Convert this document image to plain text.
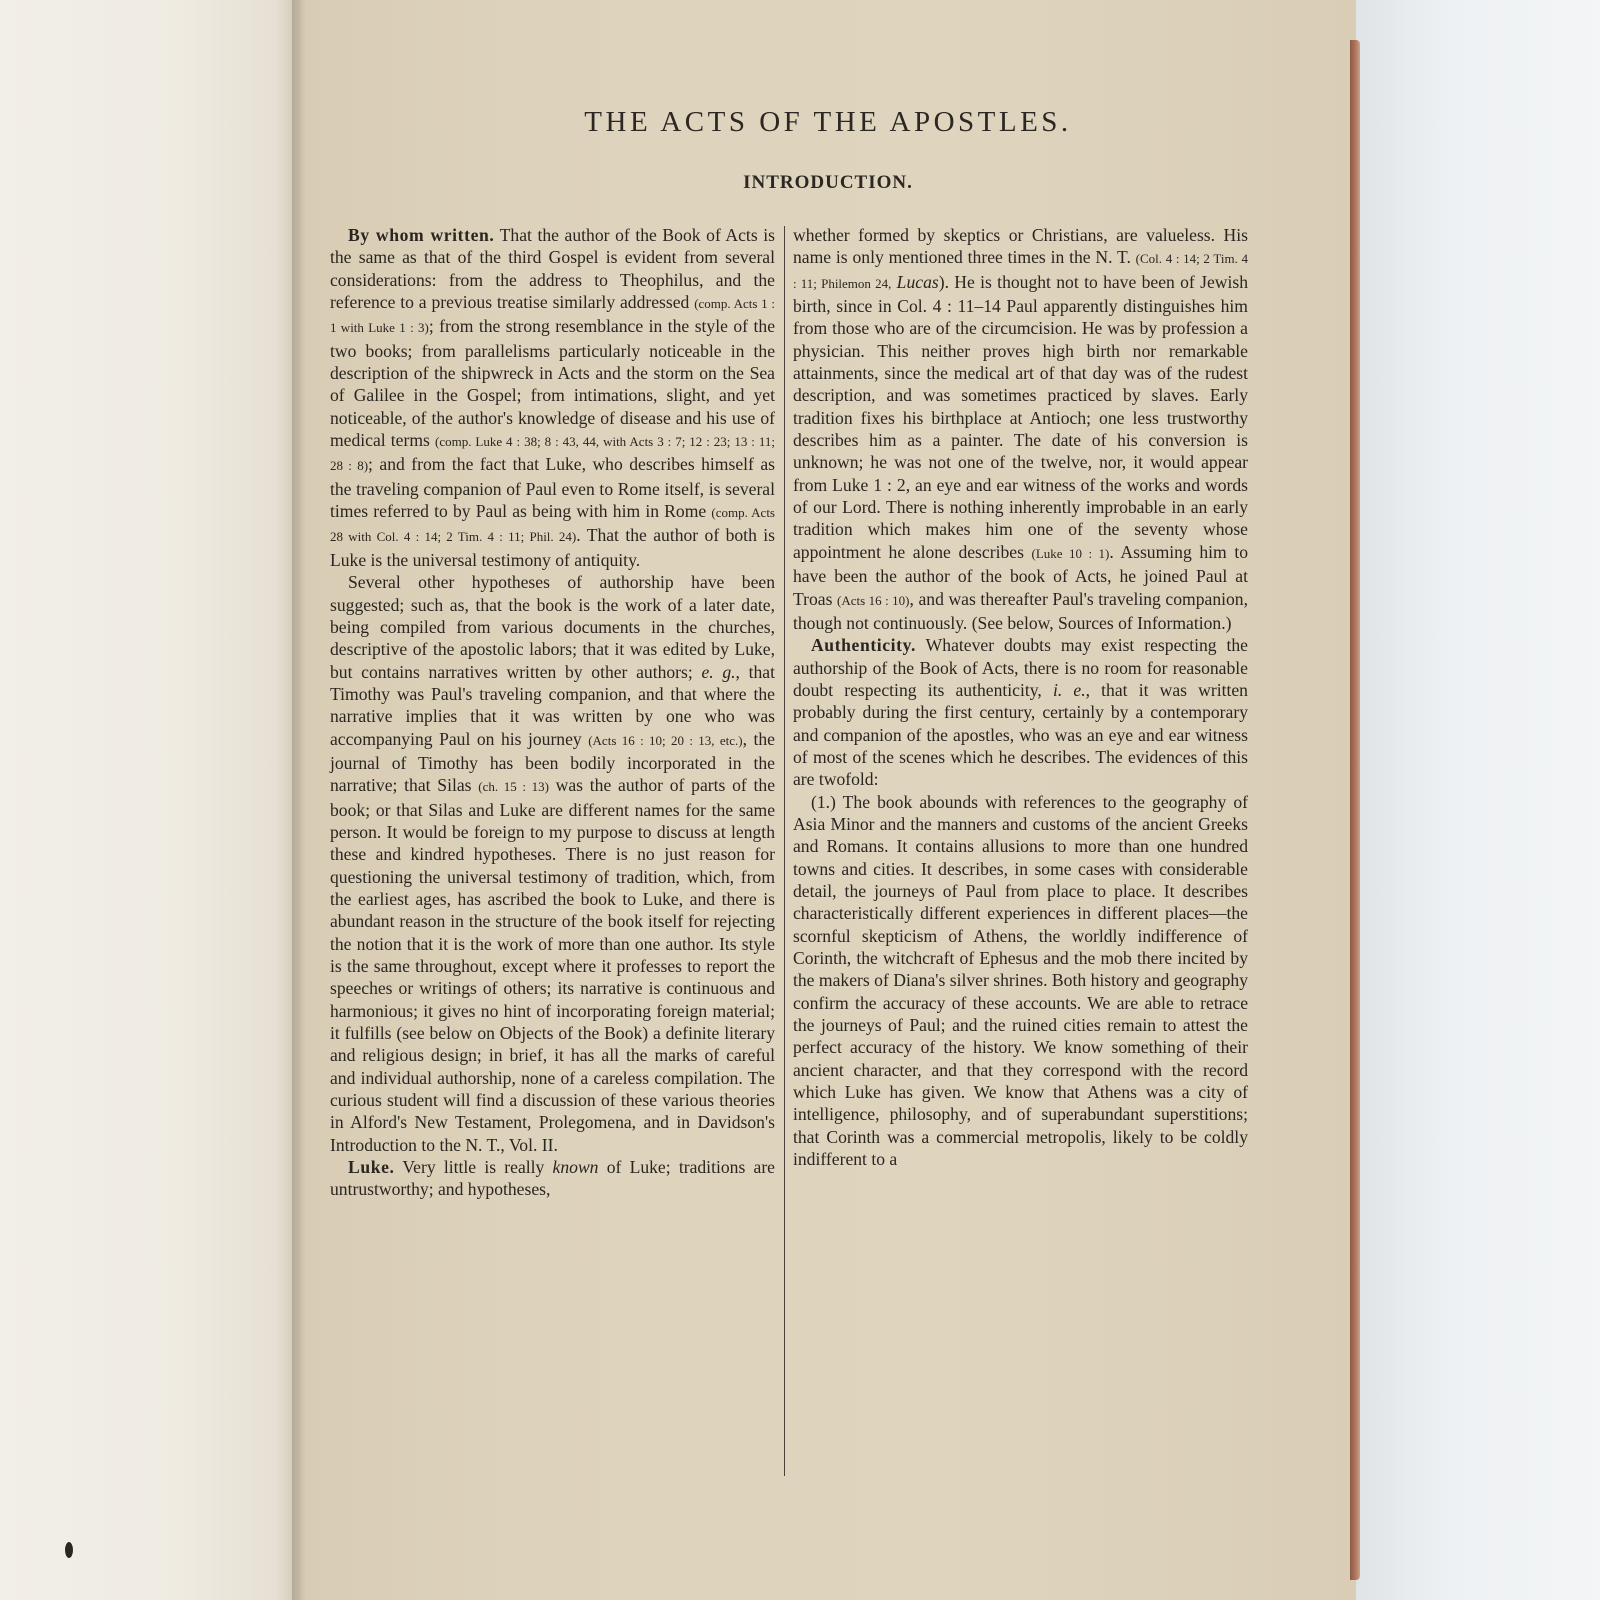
THE ACTS OF THE APOSTLES.
INTRODUCTION.

By whom written. That the author of the Book of Acts is the same as that of the third Gospel is evident from several considerations: from the address to Theophilus, and the reference to a previous treatise similarly addressed (comp. Acts 1 : 1 with Luke 1 : 3); from the strong resemblance in the style of the two books; from parallelisms particularly noticeable in the description of the shipwreck in Acts and the storm on the Sea of Galilee in the Gospel; from intimations, slight, and yet noticeable, of the author's knowledge of disease and his use of medical terms (comp. Luke 4 : 38; 8 : 43, 44, with Acts 3 : 7; 12 : 23; 13 : 11; 28 : 8); and from the fact that Luke, who describes himself as the traveling companion of Paul even to Rome itself, is several times referred to by Paul as being with him in Rome (comp. Acts 28 with Col. 4 : 14; 2 Tim. 4 : 11; Phil. 24). That the author of both is Luke is the universal testimony of antiquity.

Several other hypotheses of authorship have been suggested; such as, that the book is the work of a later date, being compiled from various documents in the churches, descriptive of the apostolic labors; that it was edited by Luke, but contains narratives written by other authors; e. g., that Timothy was Paul's traveling companion, and that where the narrative implies that it was written by one who was accompanying Paul on his journey (Acts 16 : 10; 20 : 13, etc.), the journal of Timothy has been bodily incorporated in the narrative; that Silas (ch. 15 : 13) was the author of parts of the book; or that Silas and Luke are different names for the same person. It would be foreign to my purpose to discuss at length these and kindred hypotheses. There is no just reason for questioning the universal testimony of tradition, which, from the earliest ages, has ascribed the book to Luke, and there is abundant reason in the structure of the book itself for rejecting the notion that it is the work of more than one author. Its style is the same throughout, except where it professes to report the speeches or writings of others; its narrative is continuous and harmonious; it gives no hint of incorporating foreign material; it fulfills (see below on Objects of the Book) a definite literary and religious design; in brief, it has all the marks of careful and individual authorship, none of a careless compilation. The curious student will find a discussion of these various theories in Alford's New Testament, Prolegomena, and in Davidson's Introduction to the N. T., Vol. II.

Luke. Very little is really known of Luke; traditions are untrustworthy; and hypotheses,

whether formed by skeptics or Christians, are valueless. His name is only mentioned three times in the N. T. (Col. 4 : 14; 2 Tim. 4 : 11; Philemon 24, Lucas). He is thought not to have been of Jewish birth, since in Col. 4 : 11–14 Paul apparently distinguishes him from those who are of the circumcision. He was by profession a physician. This neither proves high birth nor remarkable attainments, since the medical art of that day was of the rudest description, and was sometimes practiced by slaves. Early tradition fixes his birthplace at Antioch; one less trustworthy describes him as a painter. The date of his conversion is unknown; he was not one of the twelve, nor, it would appear from Luke 1 : 2, an eye and ear witness of the works and words of our Lord. There is nothing inherently improbable in an early tradition which makes him one of the seventy whose appointment he alone describes (Luke 10 : 1). Assuming him to have been the author of the book of Acts, he joined Paul at Troas (Acts 16 : 10), and was thereafter Paul's traveling companion, though not continuously. (See below, Sources of Information.)

Authenticity. Whatever doubts may exist respecting the authorship of the Book of Acts, there is no room for reasonable doubt respecting its authenticity, i. e., that it was written probably during the first century, certainly by a contemporary and companion of the apostles, who was an eye and ear witness of most of the scenes which he describes. The evidences of this are twofold:

(1.) The book abounds with references to the geography of Asia Minor and the manners and customs of the ancient Greeks and Romans. It contains allusions to more than one hundred towns and cities. It describes, in some cases with considerable detail, the journeys of Paul from place to place. It describes characteristically different experiences in different places—the scornful skepticism of Athens, the worldly indifference of Corinth, the witchcraft of Ephesus and the mob there incited by the makers of Diana's silver shrines. Both history and geography confirm the accuracy of these accounts. We are able to retrace the journeys of Paul; and the ruined cities remain to attest the perfect accuracy of the history. We know something of their ancient character, and that they correspond with the record which Luke has given. We know that Athens was a city of intelligence, philosophy, and of superabundant superstitions; that Corinth was a commercial metropolis, likely to be coldly indifferent to a
